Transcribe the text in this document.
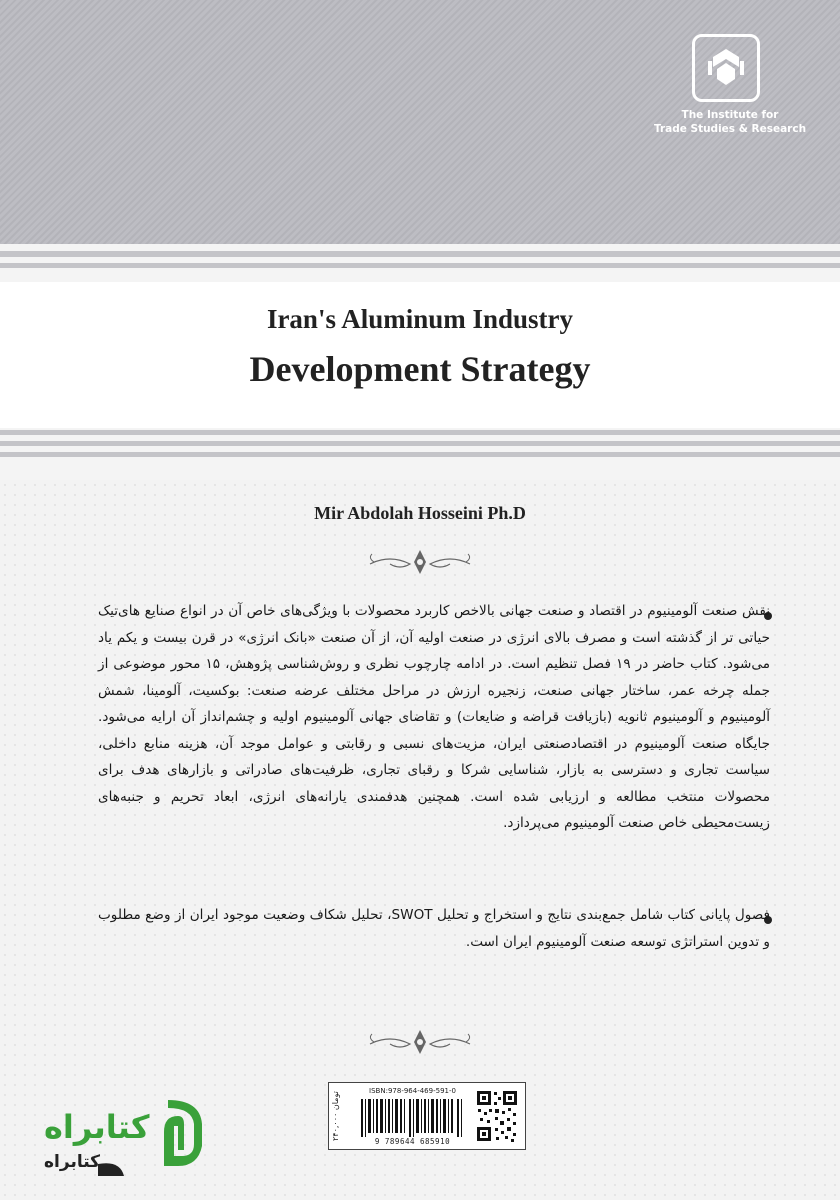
The Institute for
Trade Studies & Research
Iran's Aluminum Industry
Development Strategy
Mir Abdolah Hosseini Ph.D
نقش صنعت آلومینیوم در اقتصاد و صنعت جهانی بالاخص کاربرد محصولات با ویژگی‌های خاص آن در انواع صنایع های‌تیک حیاتی تر از گذشته است و مصرف بالای انرژی در صنعت اولیه آن، از آن صنعت «بانک انرژی» در قرن بیست و یکم یاد می‌شود. کتاب حاضر در ۱۹ فصل تنظیم است. در ادامه چارچوب نظری و روش‌شناسی پژوهش، ۱۵ محور موضوعی از جمله چرخه عمر، ساختار جهانی صنعت، زنجیره ارزش در مراحل مختلف عرضه صنعت: بوکسیت، آلومینا، شمش آلومینیوم و آلومینیوم ثانویه (بازیافت قراضه و ضایعات) و تقاضای جهانی آلومینیوم اولیه و چشم‌انداز آن ارایه می‌شود. جایگاه صنعت آلومینیوم در اقتصادصنعتی ایران، مزیت‌های نسبی و رقابتی و عوامل موجد آن، هزینه منابع داخلی، سیاست تجاری و دسترسی به بازار، شناسایی شرکا و رقبای تجاری، ظرفیت‌های صادراتی و بازارهای هدف برای محصولات منتخب مطالعه و ارزیابی شده است. همچنین هدفمندی یارانه‌های انرژی، ابعاد تحریم و جنبه‌های زیست‌محیطی خاص صنعت آلومینیوم می‌پردازد.
فصول پایانی کتاب شامل جمع‌بندی نتایج و استخراج و تحلیل SWOT، تحلیل شکاف وضعیت موجود ایران از وضع مطلوب و تدوین استراتژی توسعه صنعت آلومینیوم ایران است.
۲۴۰,۰۰۰ تومان
ISBN:978-964-469-591-0
9 789644 685910
کتابراه
کتابراه
